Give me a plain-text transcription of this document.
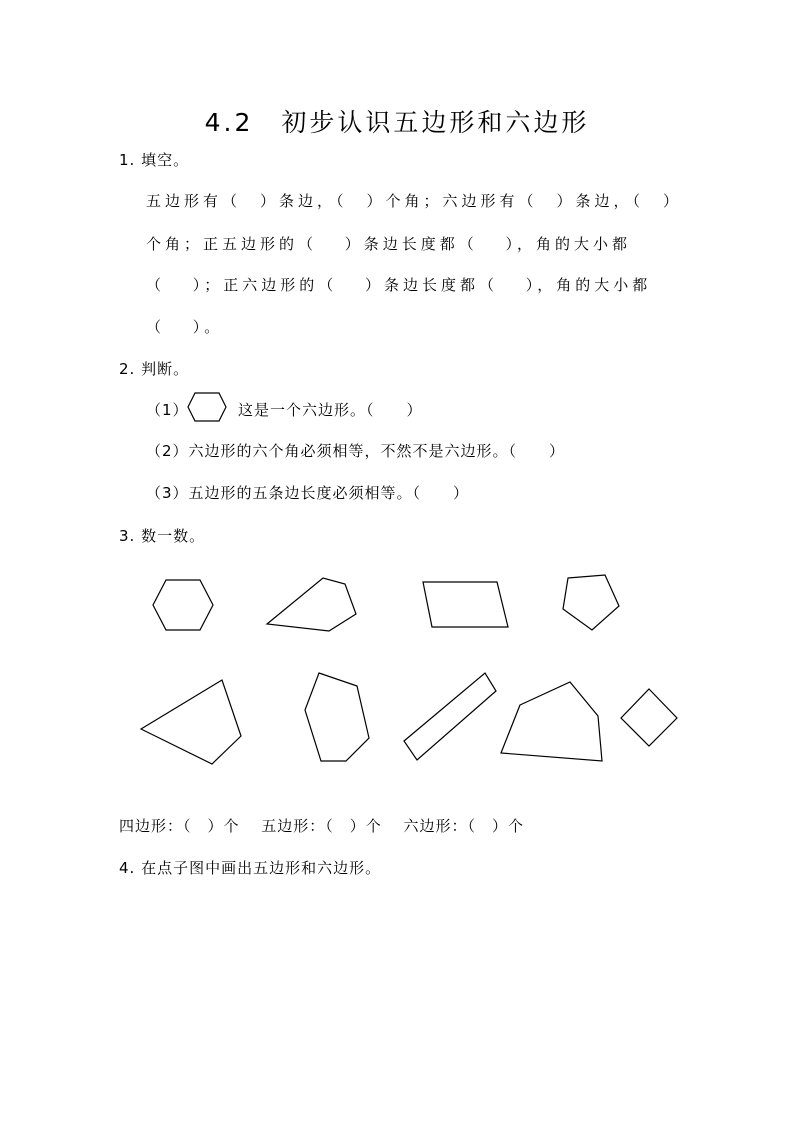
4.2　初步认识五边形和六边形
1. 填空。
五边形有（　）条边，（　）个角；六边形有（　）条边，（　）
个角；正五边形的（　 ）条边长度都（　 ），角的大小都
（　 ）；正六边形的（　 ）条边长度都（　 ），角的大小都
（　 ）。
2. 判断。
（1）	这是一个六边形。（　　）
（2）六边形的六个角必须相等，不然不是六边形。（　　）
（3）五边形的五条边长度必须相等。（　　）
3. 数一数。
四边形：（　）个　 五边形：（　）个　 六边形：（　）个
4. 在点子图中画出五边形和六边形。
